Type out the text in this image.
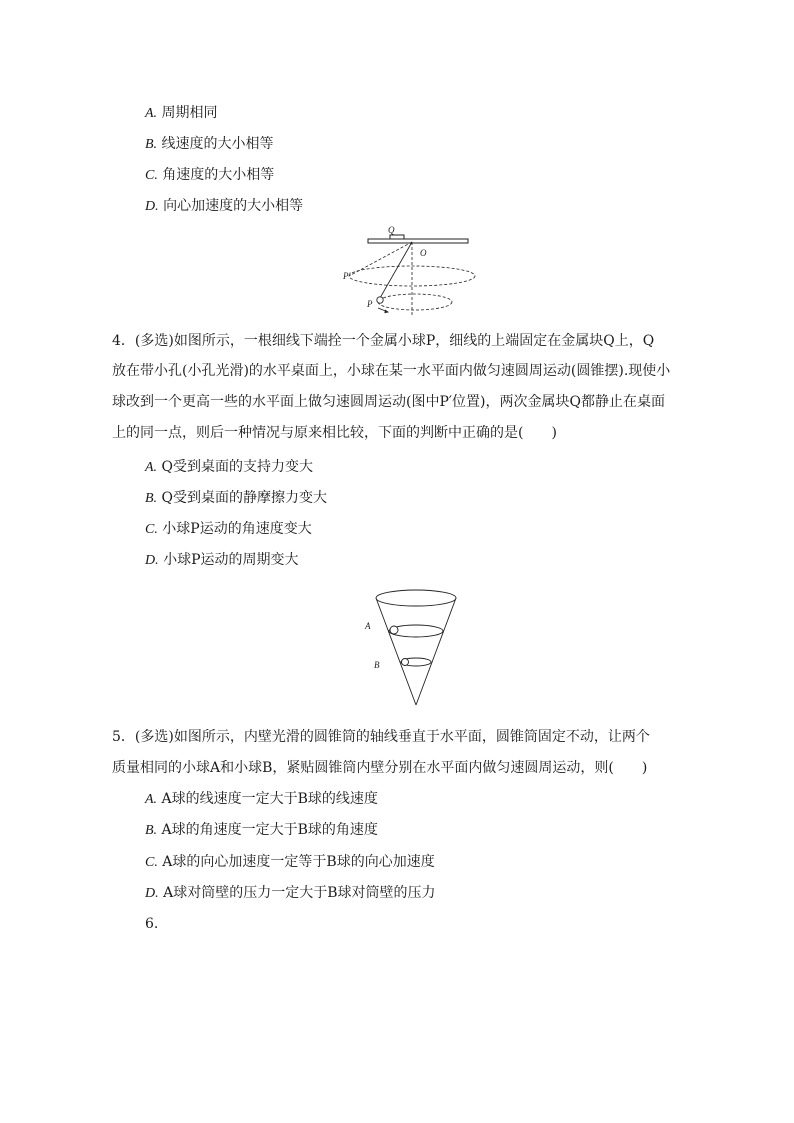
A. 周期相同
B. 线速度的大小相等
C. 角速度的大小相等
D. 向心加速度的大小相等
Q
O
P′
P
4．(多选)如图所示，一根细线下端拴一个金属小球P，细线的上端固定在金属块Q上，Q
放在带小孔(小孔光滑)的水平桌面上，小球在某一水平面内做匀速圆周运动(圆锥摆).现使小
球改到一个更高一些的水平面上做匀速圆周运动(图中P′位置)，两次金属块Q都静止在桌面
上的同一点，则后一种情况与原来相比较，下面的判断中正确的是(　　)
A. Q受到桌面的支持力变大
B. Q受到桌面的静摩擦力变大
C. 小球P运动的角速度变大
D. 小球P运动的周期变大
A
B
5．(多选)如图所示，内壁光滑的圆锥筒的轴线垂直于水平面，圆锥筒固定不动，让两个
质量相同的小球A和小球B，紧贴圆锥筒内壁分别在水平面内做匀速圆周运动，则(　　)
A. A球的线速度一定大于B球的线速度
B. A球的角速度一定大于B球的角速度
C. A球的向心加速度一定等于B球的向心加速度
D. A球对筒壁的压力一定大于B球对筒壁的压力
6.
